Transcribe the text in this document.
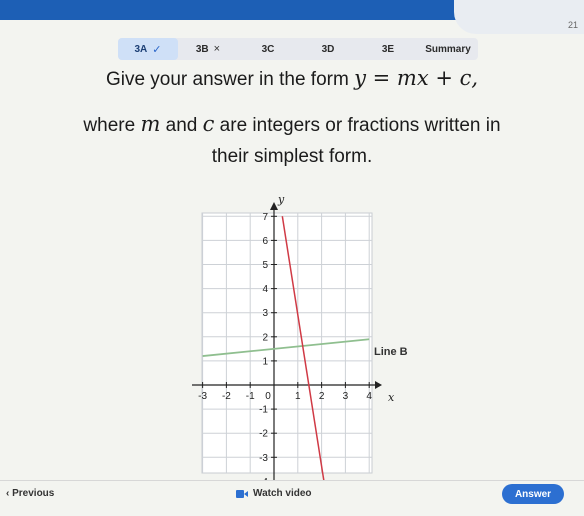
21
3A ✓	3B ×	3C	3D	3E	Summary
Give your answer in the form y = mx + c,
where m and c are integers or fractions written in
their simplest form.
-3 -2 -1 0 1 2 3 4
7
6
5
4
3
2
1
-1
-2
-3
y
x
Line B
‹ Previous	Watch video	Answer
